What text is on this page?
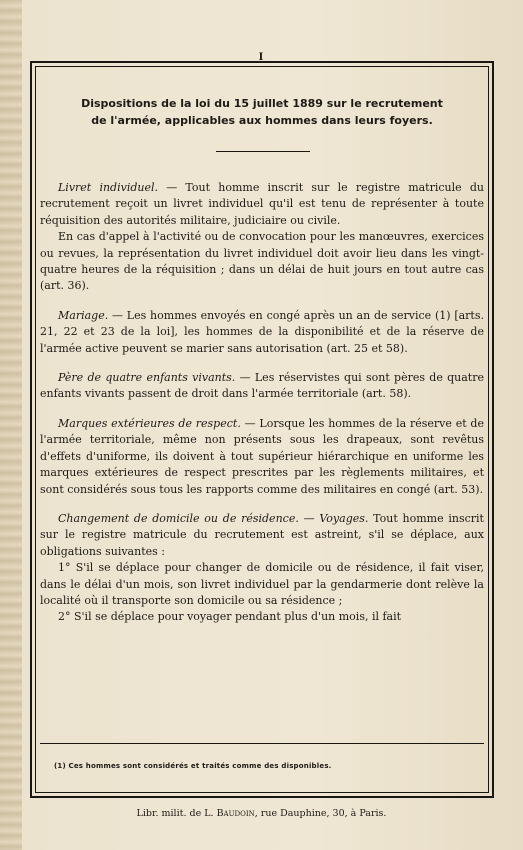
I
Dispositions de la loi du 15 juillet 1889 sur le recrutement
de l'armée, applicables aux hommes dans leurs foyers.

Livret individuel. — Tout homme inscrit sur le registre matricule du recrutement reçoit un livret individuel qu'il est tenu de représenter à toute réquisition des autorités militaire, judiciaire ou civile.

En cas d'appel à l'activité ou de convocation pour les manœuvres, exercices ou revues, la représentation du livret individuel doit avoir lieu dans les vingt-quatre heures de la réquisition ; dans un délai de huit jours en tout autre cas (art. 36).

Mariage. — Les hommes envoyés en congé après un an de service (1) [arts. 21, 22 et 23 de la loi], les hommes de la disponibilité et de la réserve de l'armée active peuvent se marier sans autorisation (art. 25 et 58).

Père de quatre enfants vivants. — Les réservistes qui sont pères de quatre enfants vivants passent de droit dans l'armée territoriale (art. 58).

Marques extérieures de respect. — Lorsque les hommes de la réserve et de l'armée territoriale, même non présents sous les drapeaux, sont revêtus d'effets d'uniforme, ils doivent à tout supérieur hiérarchique en uniforme les marques extérieures de respect prescrites par les règlements militaires, et sont considérés sous tous les rapports comme des militaires en congé (art. 53).

Changement de domicile ou de résidence. — Voyages. Tout homme inscrit sur le registre matricule du recrutement est astreint, s'il se déplace, aux obligations suivantes :

1° S'il se déplace pour changer de domicile ou de résidence, il fait viser, dans le délai d'un mois, son livret individuel par la gendarmerie dont relève la localité où il transporte son domicile ou sa résidence ;

2° S'il se déplace pour voyager pendant plus d'un mois, il fait

(1) Ces hommes sont considérés et traités comme des disponibles.
Libr. milit. de L. Baudoin, rue Dauphine, 30, à Paris.
